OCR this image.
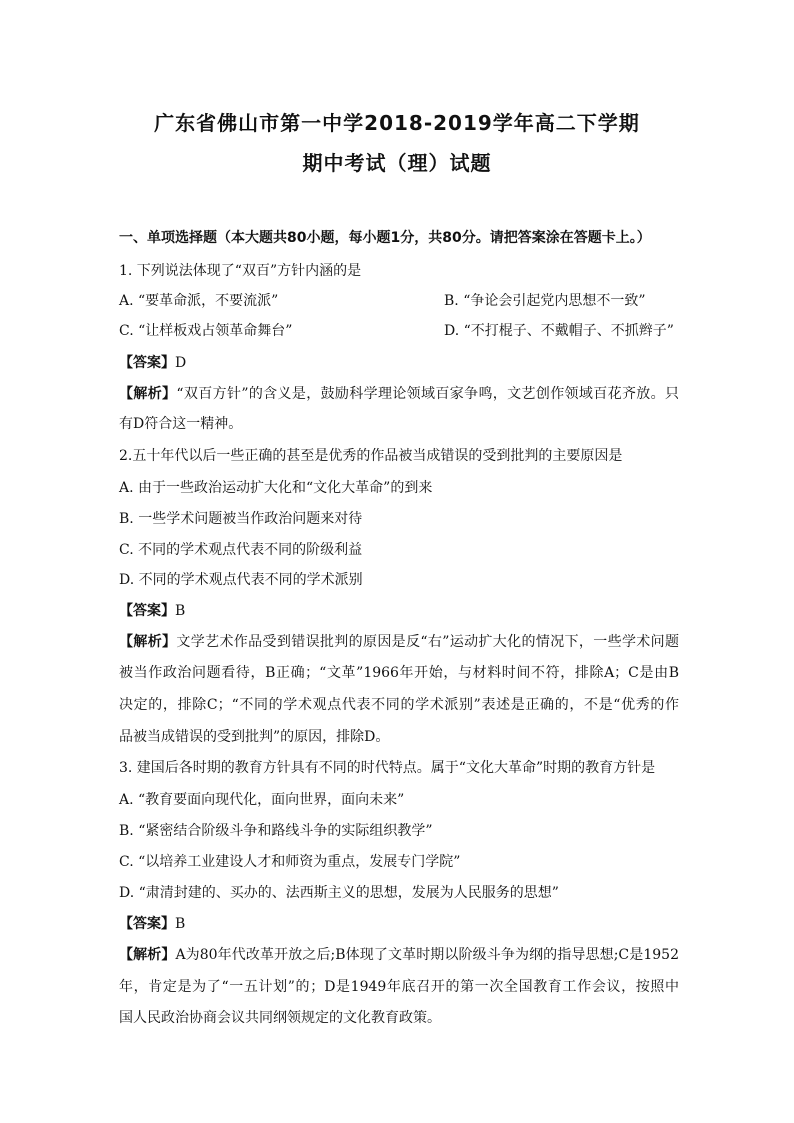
广东省佛山市第一中学2018-2019学年高二下学期
期中考试（理）试题
一、单项选择题（本大题共80小题，每小题1分，共80分。请把答案涂在答题卡上。）
1. 下列说法体现了“双百”方针内涵的是
A. “要革命派，不要流派”	B. “争论会引起党内思想不一致”
C. “让样板戏占领革命舞台”	D. “不打棍子、不戴帽子、不抓辫子”
【答案】D
【解析】“双百方针”的含义是，鼓励科学理论领域百家争鸣，文艺创作领域百花齐放。只
有D符合这一精神。
2.五十年代以后一些正确的甚至是优秀的作品被当成错误的受到批判的主要原因是
A. 由于一些政治运动扩大化和“文化大革命”的到来
B. 一些学术问题被当作政治问题来对待
C. 不同的学术观点代表不同的阶级利益
D. 不同的学术观点代表不同的学术派别
【答案】B
【解析】文学艺术作品受到错误批判的原因是反“右”运动扩大化的情况下，一些学术问题
被当作政治问题看待，B正确；“文革”1966年开始，与材料时间不符，排除A；C是由B
决定的，排除C；“不同的学术观点代表不同的学术派别”表述是正确的，不是“优秀的作
品被当成错误的受到批判”的原因，排除D。
3. 建国后各时期的教育方针具有不同的时代特点。属于“文化大革命”时期的教育方针是
A. “教育要面向现代化，面向世界，面向未来”
B. “紧密结合阶级斗争和路线斗争的实际组织教学”
C. “以培养工业建设人才和师资为重点，发展专门学院”
D. “肃清封建的、买办的、法西斯主义的思想，发展为人民服务的思想”
【答案】B
【解析】A为80年代改革开放之后;B体现了文革时期以阶级斗争为纲的指导思想;C是1952
年，肯定是为了“一五计划”的；D是1949年底召开的第一次全国教育工作会议，按照中
国人民政治协商会议共同纲领规定的文化教育政策。
